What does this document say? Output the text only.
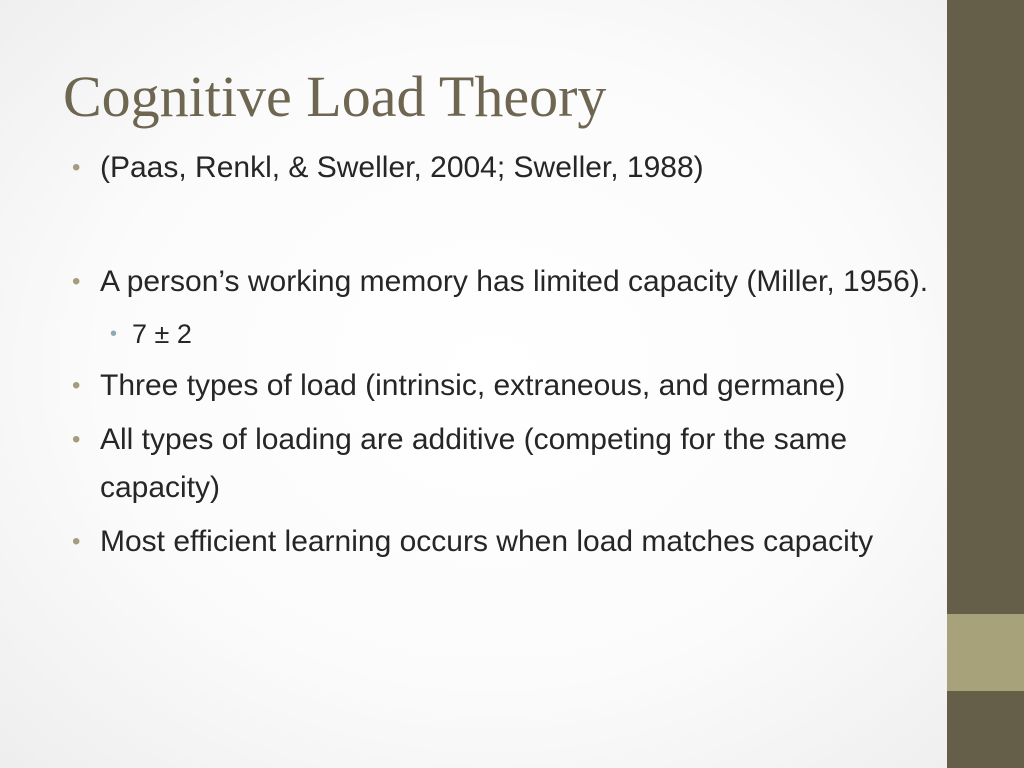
Cognitive Load Theory
• (Paas, Renkl, & Sweller, 2004; Sweller, 1988)
• A person’s working memory has limited capacity (Miller, 1956).
• 7 ± 2
• Three types of load (intrinsic, extraneous, and germane)
• All types of loading are additive (competing for the same capacity)
• Most efficient learning occurs when load matches capacity
